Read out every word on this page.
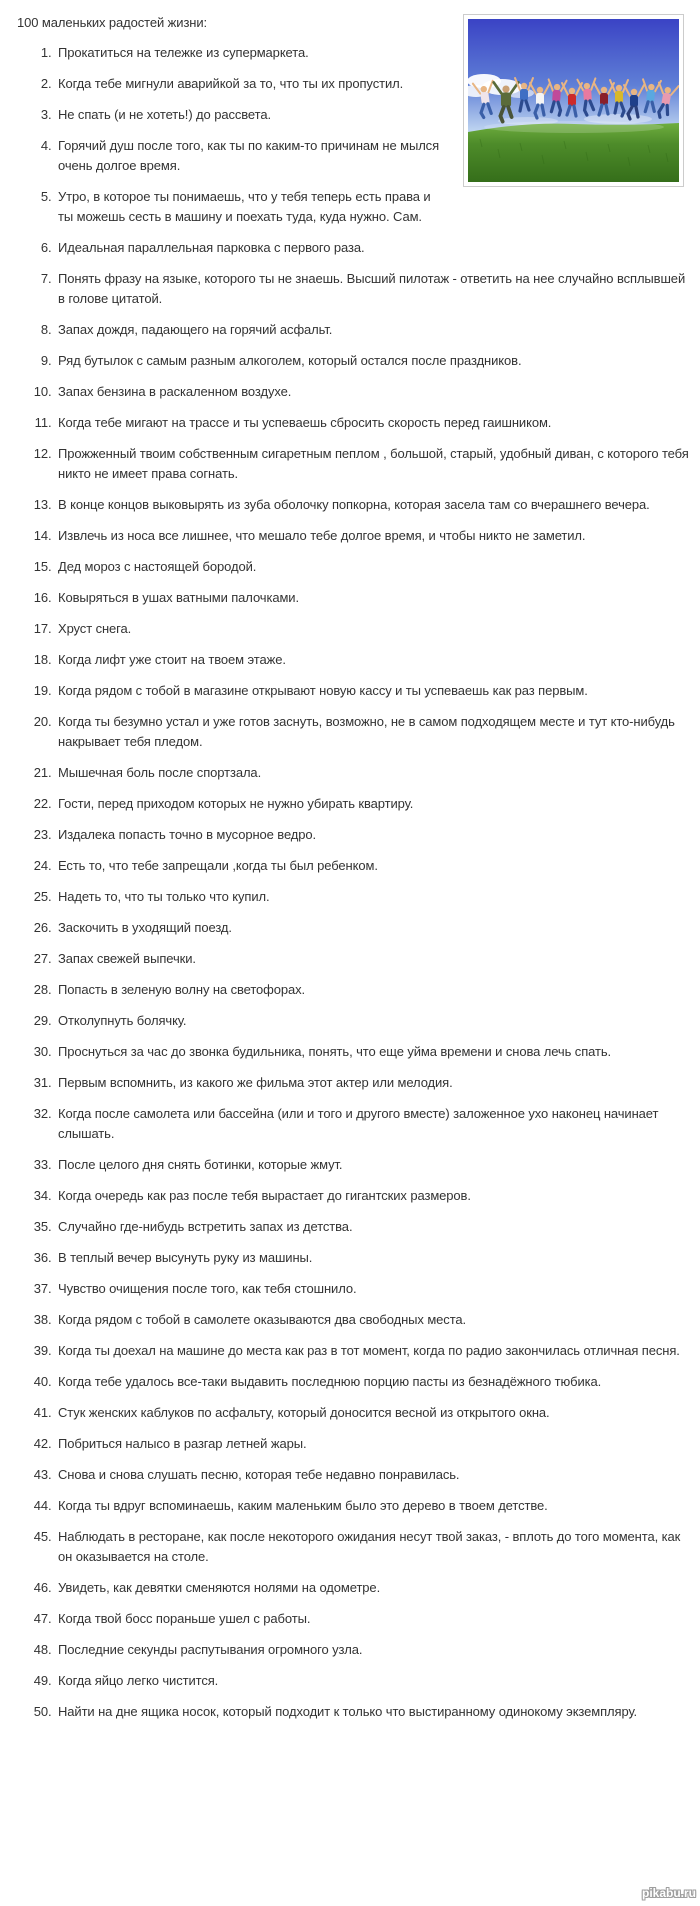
100 маленьких радостей жизни:

1. Прокатиться на тележке из супермаркета.
2. Когда тебе мигнули аварийкой за то, что ты их пропустил.
3. Не спать (и не хотеть!) до рассвета.
4. Горячий душ после того, как ты по каким-то причинам не мылся очень долгое время.
5. Утро, в которое ты понимаешь, что у тебя теперь есть права и ты можешь сесть в машину и поехать туда, куда нужно. Сам.
6. Идеальная параллельная парковка с первого раза.
7. Понять фразу на языке, которого ты не знаешь. Высший пилотаж - ответить на нее случайно всплывшей в голове цитатой.
8. Запах дождя, падающего на горячий асфальт.
9. Ряд бутылок с самым разным алкоголем, который остался после праздников.
10. Запах бензина в раскаленном воздухе.
11. Когда тебе мигают на трассе и ты успеваешь сбросить скорость перед гаишником.
12. Прожженный твоим собственным сигаретным пеплом , большой, старый, удобный диван, с которого тебя никто не имеет права согнать.
13. В конце концов выковырять из зуба оболочку попкорна, которая засела там со вчерашнего вечера.
14. Извлечь из носа все лишнее, что мешало тебе долгое время, и чтобы никто не заметил.
15. Дед мороз с настоящей бородой.
16. Ковыряться в ушах ватными палочками.
17. Хруст снега.
18. Когда лифт уже стоит на твоем этаже.
19. Когда рядом с тобой в магазине открывают новую кассу и ты успеваешь как раз первым.
20. Когда ты безумно устал и уже готов заснуть, возможно, не в самом подходящем месте и тут кто-нибудь накрывает тебя пледом.
21. Мышечная боль после спортзала.
22. Гости, перед приходом которых не нужно убирать квартиру.
23. Издалека попасть точно в мусорное ведро.
24. Есть то, что тебе запрещали ,когда ты был ребенком.
25. Надеть то, что ты только что купил.
26. Заскочить в уходящий поезд.
27. Запах свежей выпечки.
28. Попасть в зеленую волну на светофорах.
29. Отколупнуть болячку.
30. Проснуться за час до звонка будильника, понять, что еще уйма времени и снова лечь спать.
31. Первым вспомнить, из какого же фильма этот актер или мелодия.
32. Когда после самолета или бассейна (или и того и другого вместе) заложенное ухо наконец начинает слышать.
33. После целого дня снять ботинки, которые жмут.
34. Когда очередь как раз после тебя вырастает до гигантских размеров.
35. Случайно где-нибудь встретить запах из детства.
36. В теплый вечер высунуть руку из машины.
37. Чувство очищения после того, как тебя стошнило.
38. Когда рядом с тобой в самолете оказываются два свободных места.
39. Когда ты доехал на машине до места как раз в тот момент, когда по радио закончилась отличная песня.
40. Когда тебе удалось все-таки выдавить последнюю порцию пасты из безнадёжного тюбика.
41. Стук женских каблуков по асфальту, который доносится весной из открытого окна.
42. Побриться налысо в разгар летней жары.
43. Снова и снова слушать песню, которая тебе недавно понравилась.
44. Когда ты вдруг вспоминаешь, каким маленьким было это дерево в твоем детстве.
45. Наблюдать в ресторане, как после некоторого ожидания несут твой заказ, - вплоть до того момента, как он оказывается на столе.
46. Увидеть, как девятки сменяются нолями на одометре.
47. Когда твой босс пораньше ушел с работы.
48. Последние секунды распутывания огромного узла.
49. Когда яйцо легко чистится.
50. Найти на дне ящика носок, который подходит к только что выстиранному одинокому экземпляру.
pikabu.ru
